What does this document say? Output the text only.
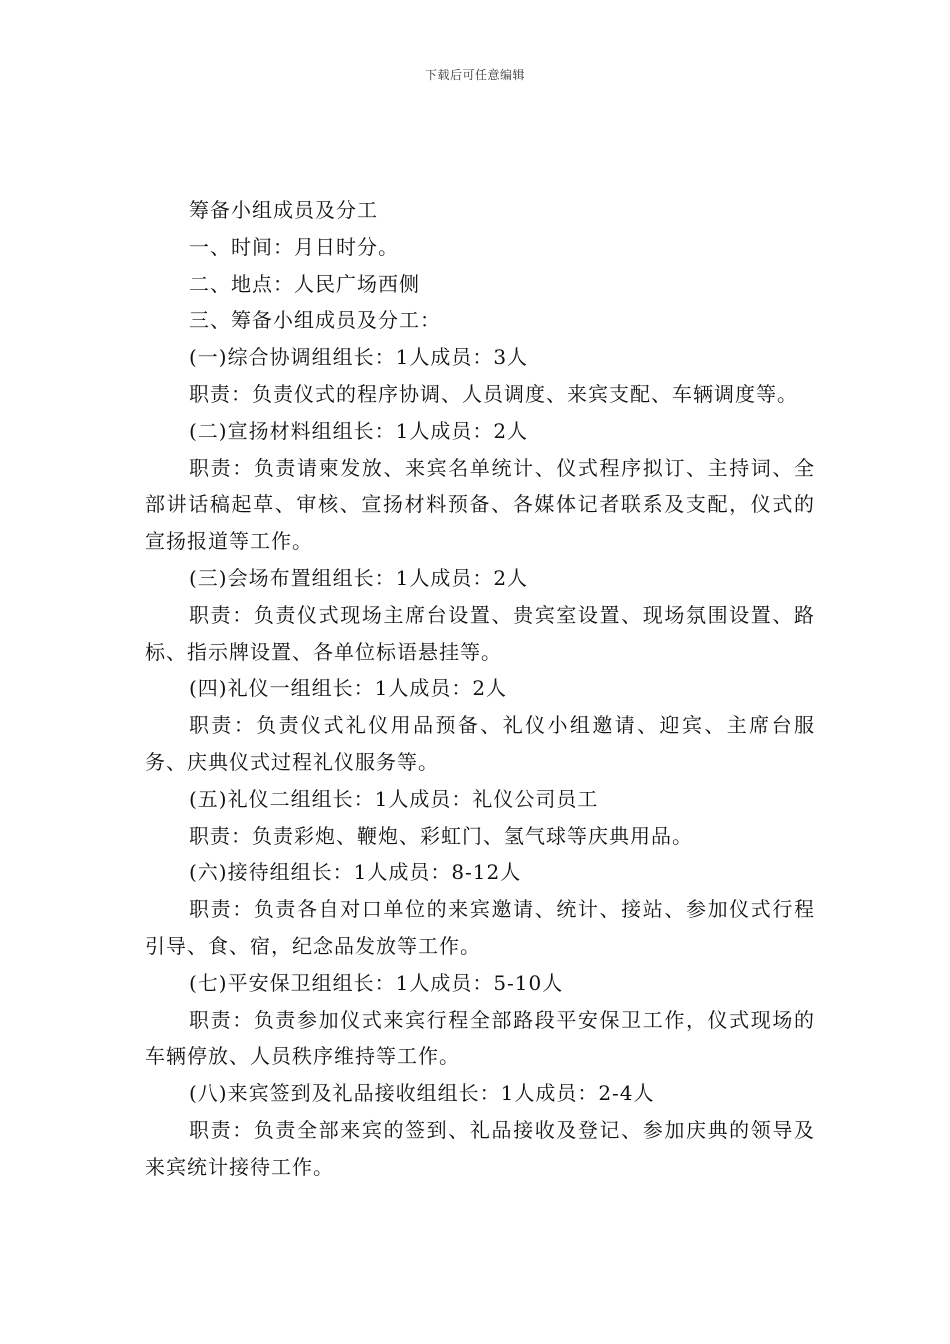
下载后可任意编辑

筹备小组成员及分工

一、时间：月日时分。

二、地点：人民广场西侧

三、筹备小组成员及分工：

(一)综合协调组组长：1人成员：3人

职责：负责仪式的程序协调、人员调度、来宾支配、车辆调度等。

(二)宣扬材料组组长：1人成员：2人

职责：负责请柬发放、来宾名单统计、仪式程序拟订、主持词、全部讲话稿起草、审核、宣扬材料预备、各媒体记者联系及支配，仪式的宣扬报道等工作。

(三)会场布置组组长：1人成员：2人

职责：负责仪式现场主席台设置、贵宾室设置、现场氛围设置、路标、指示牌设置、各单位标语悬挂等。

(四)礼仪一组组长：1人成员：2人

职责：负责仪式礼仪用品预备、礼仪小组邀请、迎宾、主席台服务、庆典仪式过程礼仪服务等。

(五)礼仪二组组长：1人成员：礼仪公司员工

职责：负责彩炮、鞭炮、彩虹门、氢气球等庆典用品。

(六)接待组组长：1人成员：8-12人

职责：负责各自对口单位的来宾邀请、统计、接站、参加仪式行程引导、食、宿，纪念品发放等工作。

(七)平安保卫组组长：1人成员：5-10人

职责：负责参加仪式来宾行程全部路段平安保卫工作，仪式现场的车辆停放、人员秩序维持等工作。

(八)来宾签到及礼品接收组组长：1人成员：2-4人

职责：负责全部来宾的签到、礼品接收及登记、参加庆典的领导及来宾统计接待工作。
